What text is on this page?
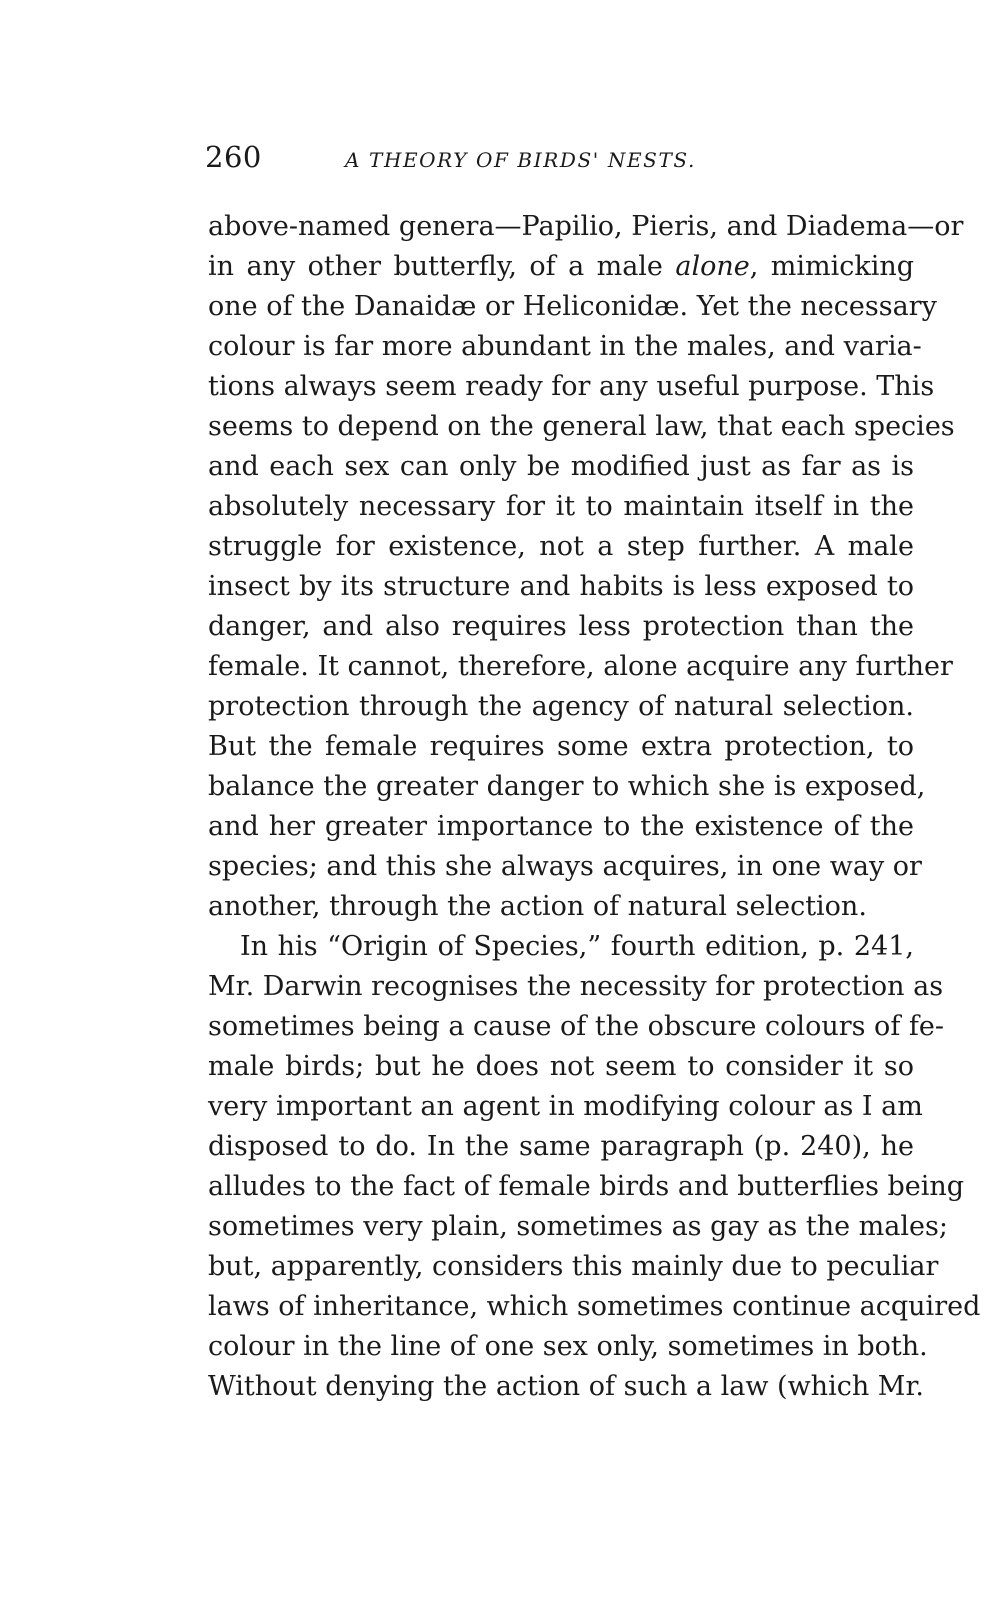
260	A THEORY OF BIRDS' NESTS.
above-named genera—Papilio, Pieris, and Diadema—or
in any other butterfly, of a male alone, mimicking
one of the Danaidæ or Heliconidæ. Yet the necessary
colour is far more abundant in the males, and varia-
tions always seem ready for any useful purpose. This
seems to depend on the general law, that each species
and each sex can only be modified just as far as is
absolutely necessary for it to maintain itself in the
struggle for existence, not a step further. A male
insect by its structure and habits is less exposed to
danger, and also requires less protection than the
female. It cannot, therefore, alone acquire any further
protection through the agency of natural selection.
But the female requires some extra protection, to
balance the greater danger to which she is exposed,
and her greater importance to the existence of the
species; and this she always acquires, in one way or
another, through the action of natural selection.
In his “Origin of Species,” fourth edition, p. 241,
Mr. Darwin recognises the necessity for protection as
sometimes being a cause of the obscure colours of fe-
male birds; but he does not seem to consider it so
very important an agent in modifying colour as I am
disposed to do. In the same paragraph (p. 240), he
alludes to the fact of female birds and butterflies being
sometimes very plain, sometimes as gay as the males;
but, apparently, considers this mainly due to peculiar
laws of inheritance, which sometimes continue acquired
colour in the line of one sex only, sometimes in both.
Without denying the action of such a law (which Mr.
